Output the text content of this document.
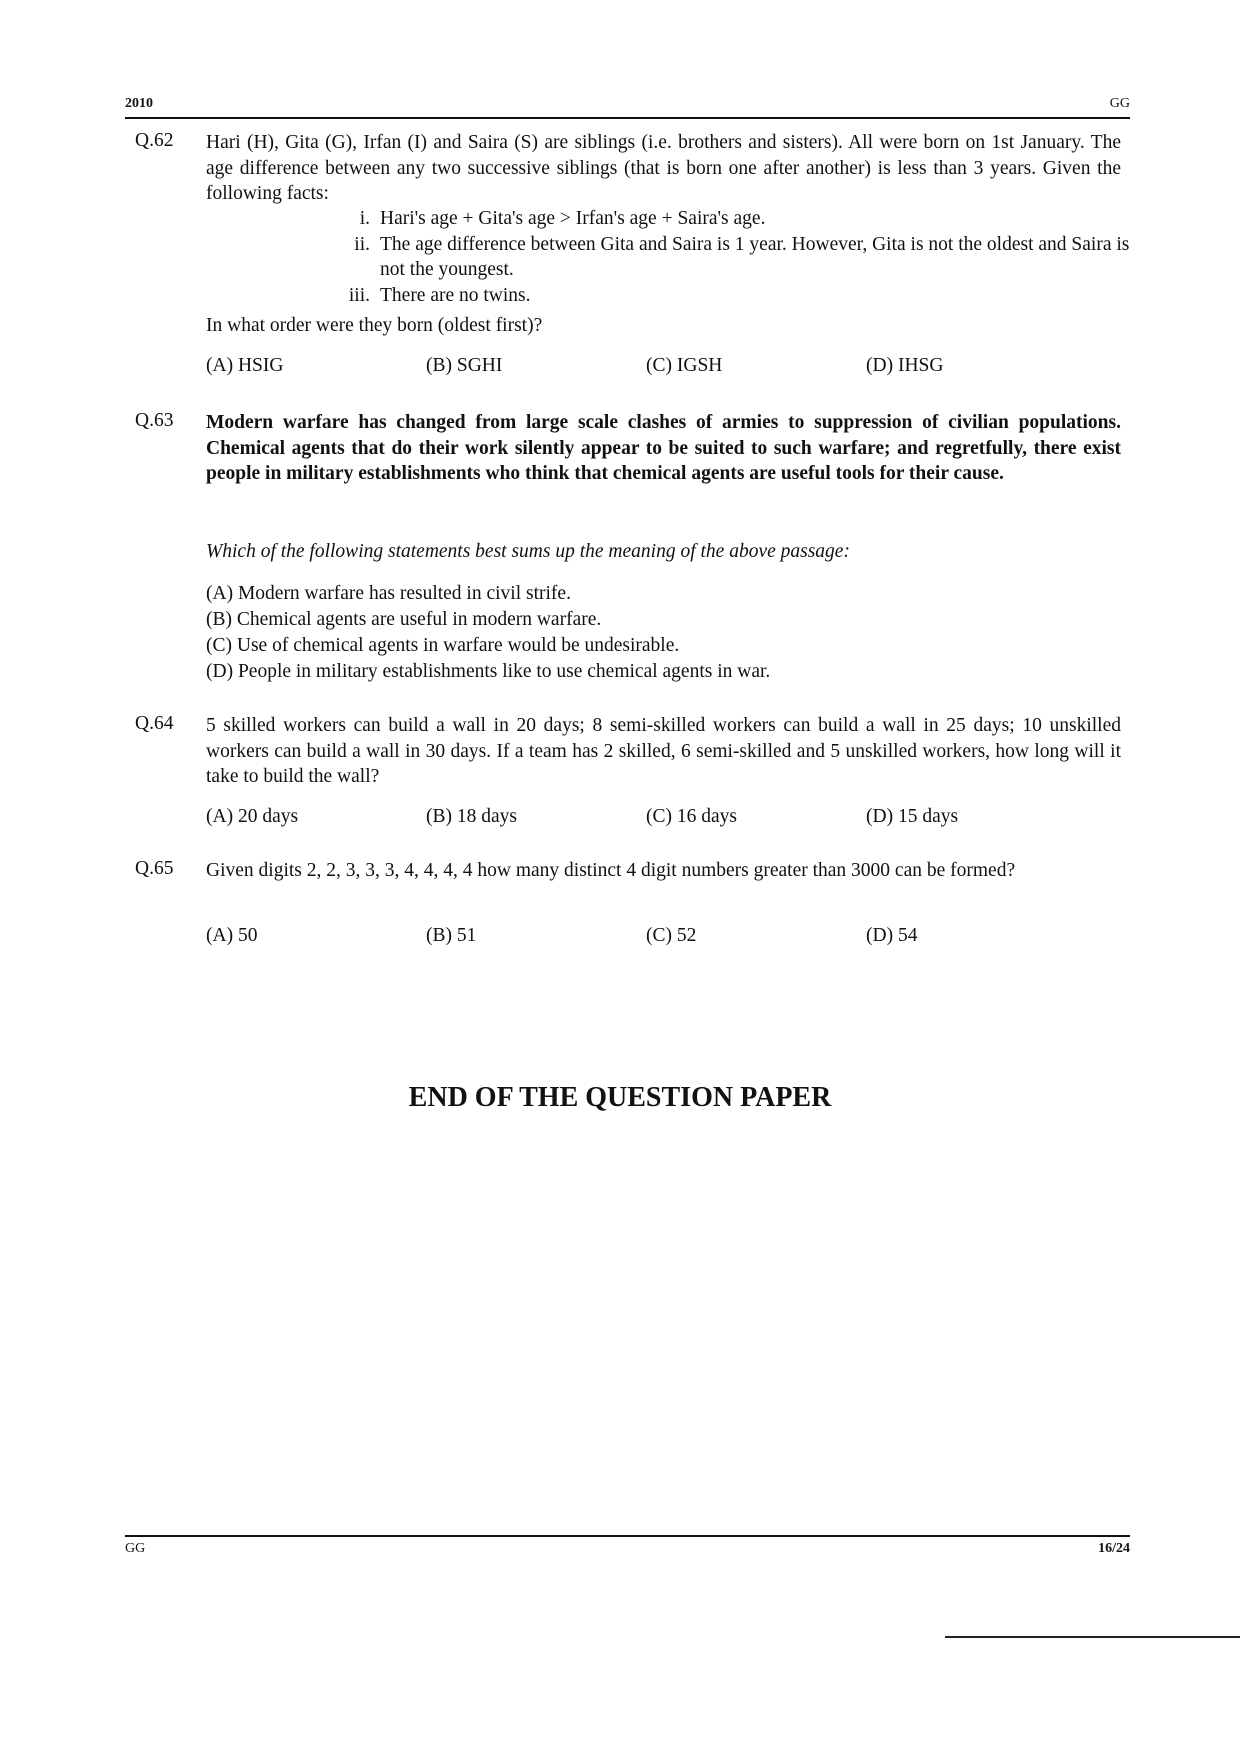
2010	GG
Q.62 Hari (H), Gita (G), Irfan (I) and Saira (S) are siblings (i.e. brothers and sisters). All were born on 1st January. The age difference between any two successive siblings (that is born one after another) is less than 3 years. Given the following facts:
i. Hari's age + Gita's age > Irfan's age + Saira's age.
ii. The age difference between Gita and Saira is 1 year. However, Gita is not the oldest and Saira is not the youngest.
iii. There are no twins.
In what order were they born (oldest first)?
(A) HSIG	(B) SGHI	(C) IGSH	(D) IHSG
Q.63 Modern warfare has changed from large scale clashes of armies to suppression of civilian populations. Chemical agents that do their work silently appear to be suited to such warfare; and regretfully, there exist people in military establishments who think that chemical agents are useful tools for their cause.
Which of the following statements best sums up the meaning of the above passage:
(A) Modern warfare has resulted in civil strife.
(B) Chemical agents are useful in modern warfare.
(C) Use of chemical agents in warfare would be undesirable.
(D) People in military establishments like to use chemical agents in war.
Q.64 5 skilled workers can build a wall in 20 days; 8 semi-skilled workers can build a wall in 25 days; 10 unskilled workers can build a wall in 30 days. If a team has 2 skilled, 6 semi-skilled and 5 unskilled workers, how long will it take to build the wall?
(A) 20 days	(B) 18 days	(C) 16 days	(D) 15 days
Q.65 Given digits 2, 2, 3, 3, 3, 4, 4, 4, 4 how many distinct 4 digit numbers greater than 3000 can be formed?
(A) 50	(B) 51	(C) 52	(D) 54
END OF THE QUESTION PAPER
GG	16/24
